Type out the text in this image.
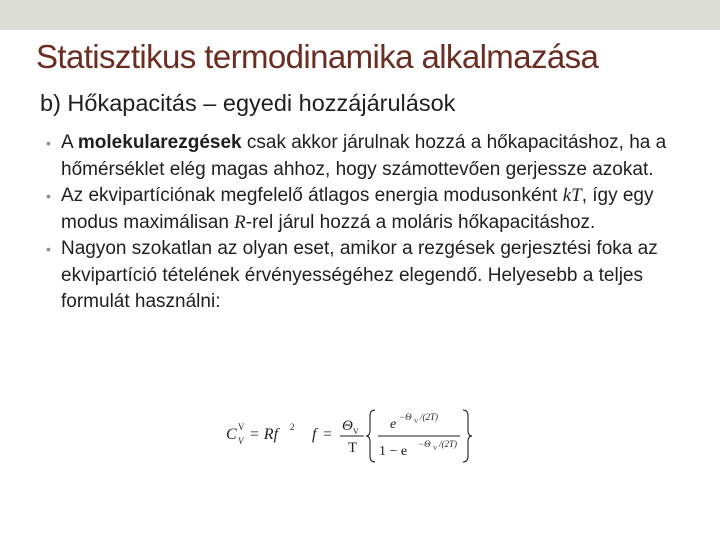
Statisztikus termodinamika alkalmazása
b) Hőkapacitás – egyedi hozzájárulások
• A molekularezgések csak akkor járulnak hozzá a hőkapacitáshoz, ha a hőmérséklet elég magas ahhoz, hogy számottevően gerjessze azokat.
• Az ekvipartíciónak megfelelő átlagos energia modusonként kT, így egy modus maximálisan R-rel járul hozzá a moláris hőkapacitáshoz.
• Nagyon szokatlan az olyan eset, amikor a rezgések gerjesztési foka az ekvipartíció tételének érvényességéhez elegendő. Helyesebb a teljes formulát használni:
C V
V = Rf 2 f = Θ V
T
e −Θ V /(2T)
1 − e −Θ V /(2T)
